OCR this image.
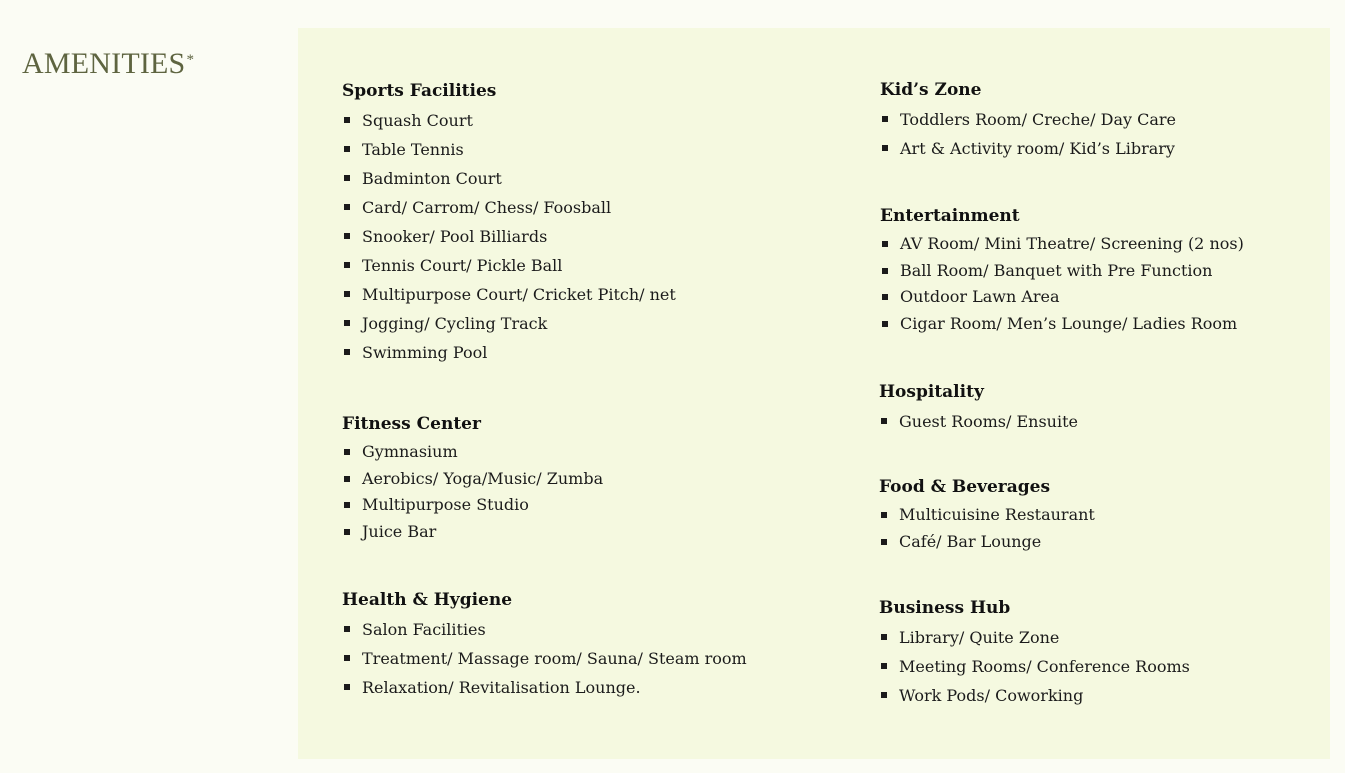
AMENITIES*
Sports Facilities
Squash Court
Table Tennis
Badminton Court
Card/ Carrom/ Chess/ Foosball
Snooker/ Pool Billiards
Tennis Court/ Pickle Ball
Multipurpose Court/ Cricket Pitch/ net
Jogging/ Cycling Track
Swimming Pool
Fitness Center
Gymnasium
Aerobics/ Yoga/Music/ Zumba
Multipurpose Studio
Juice Bar
Health & Hygiene
Salon Facilities
Treatment/ Massage room/ Sauna/ Steam room
Relaxation/ Revitalisation Lounge.
Kid’s Zone
Toddlers Room/ Creche/ Day Care
Art & Activity room/ Kid’s Library
Entertainment
AV Room/ Mini Theatre/ Screening (2 nos)
Ball Room/ Banquet with Pre Function
Outdoor Lawn Area
Cigar Room/ Men’s Lounge/ Ladies Room
Hospitality
Guest Rooms/ Ensuite
Food & Beverages
Multicuisine Restaurant
Café/ Bar Lounge
Business Hub
Library/ Quite Zone
Meeting Rooms/ Conference Rooms
Work Pods/ Coworking
